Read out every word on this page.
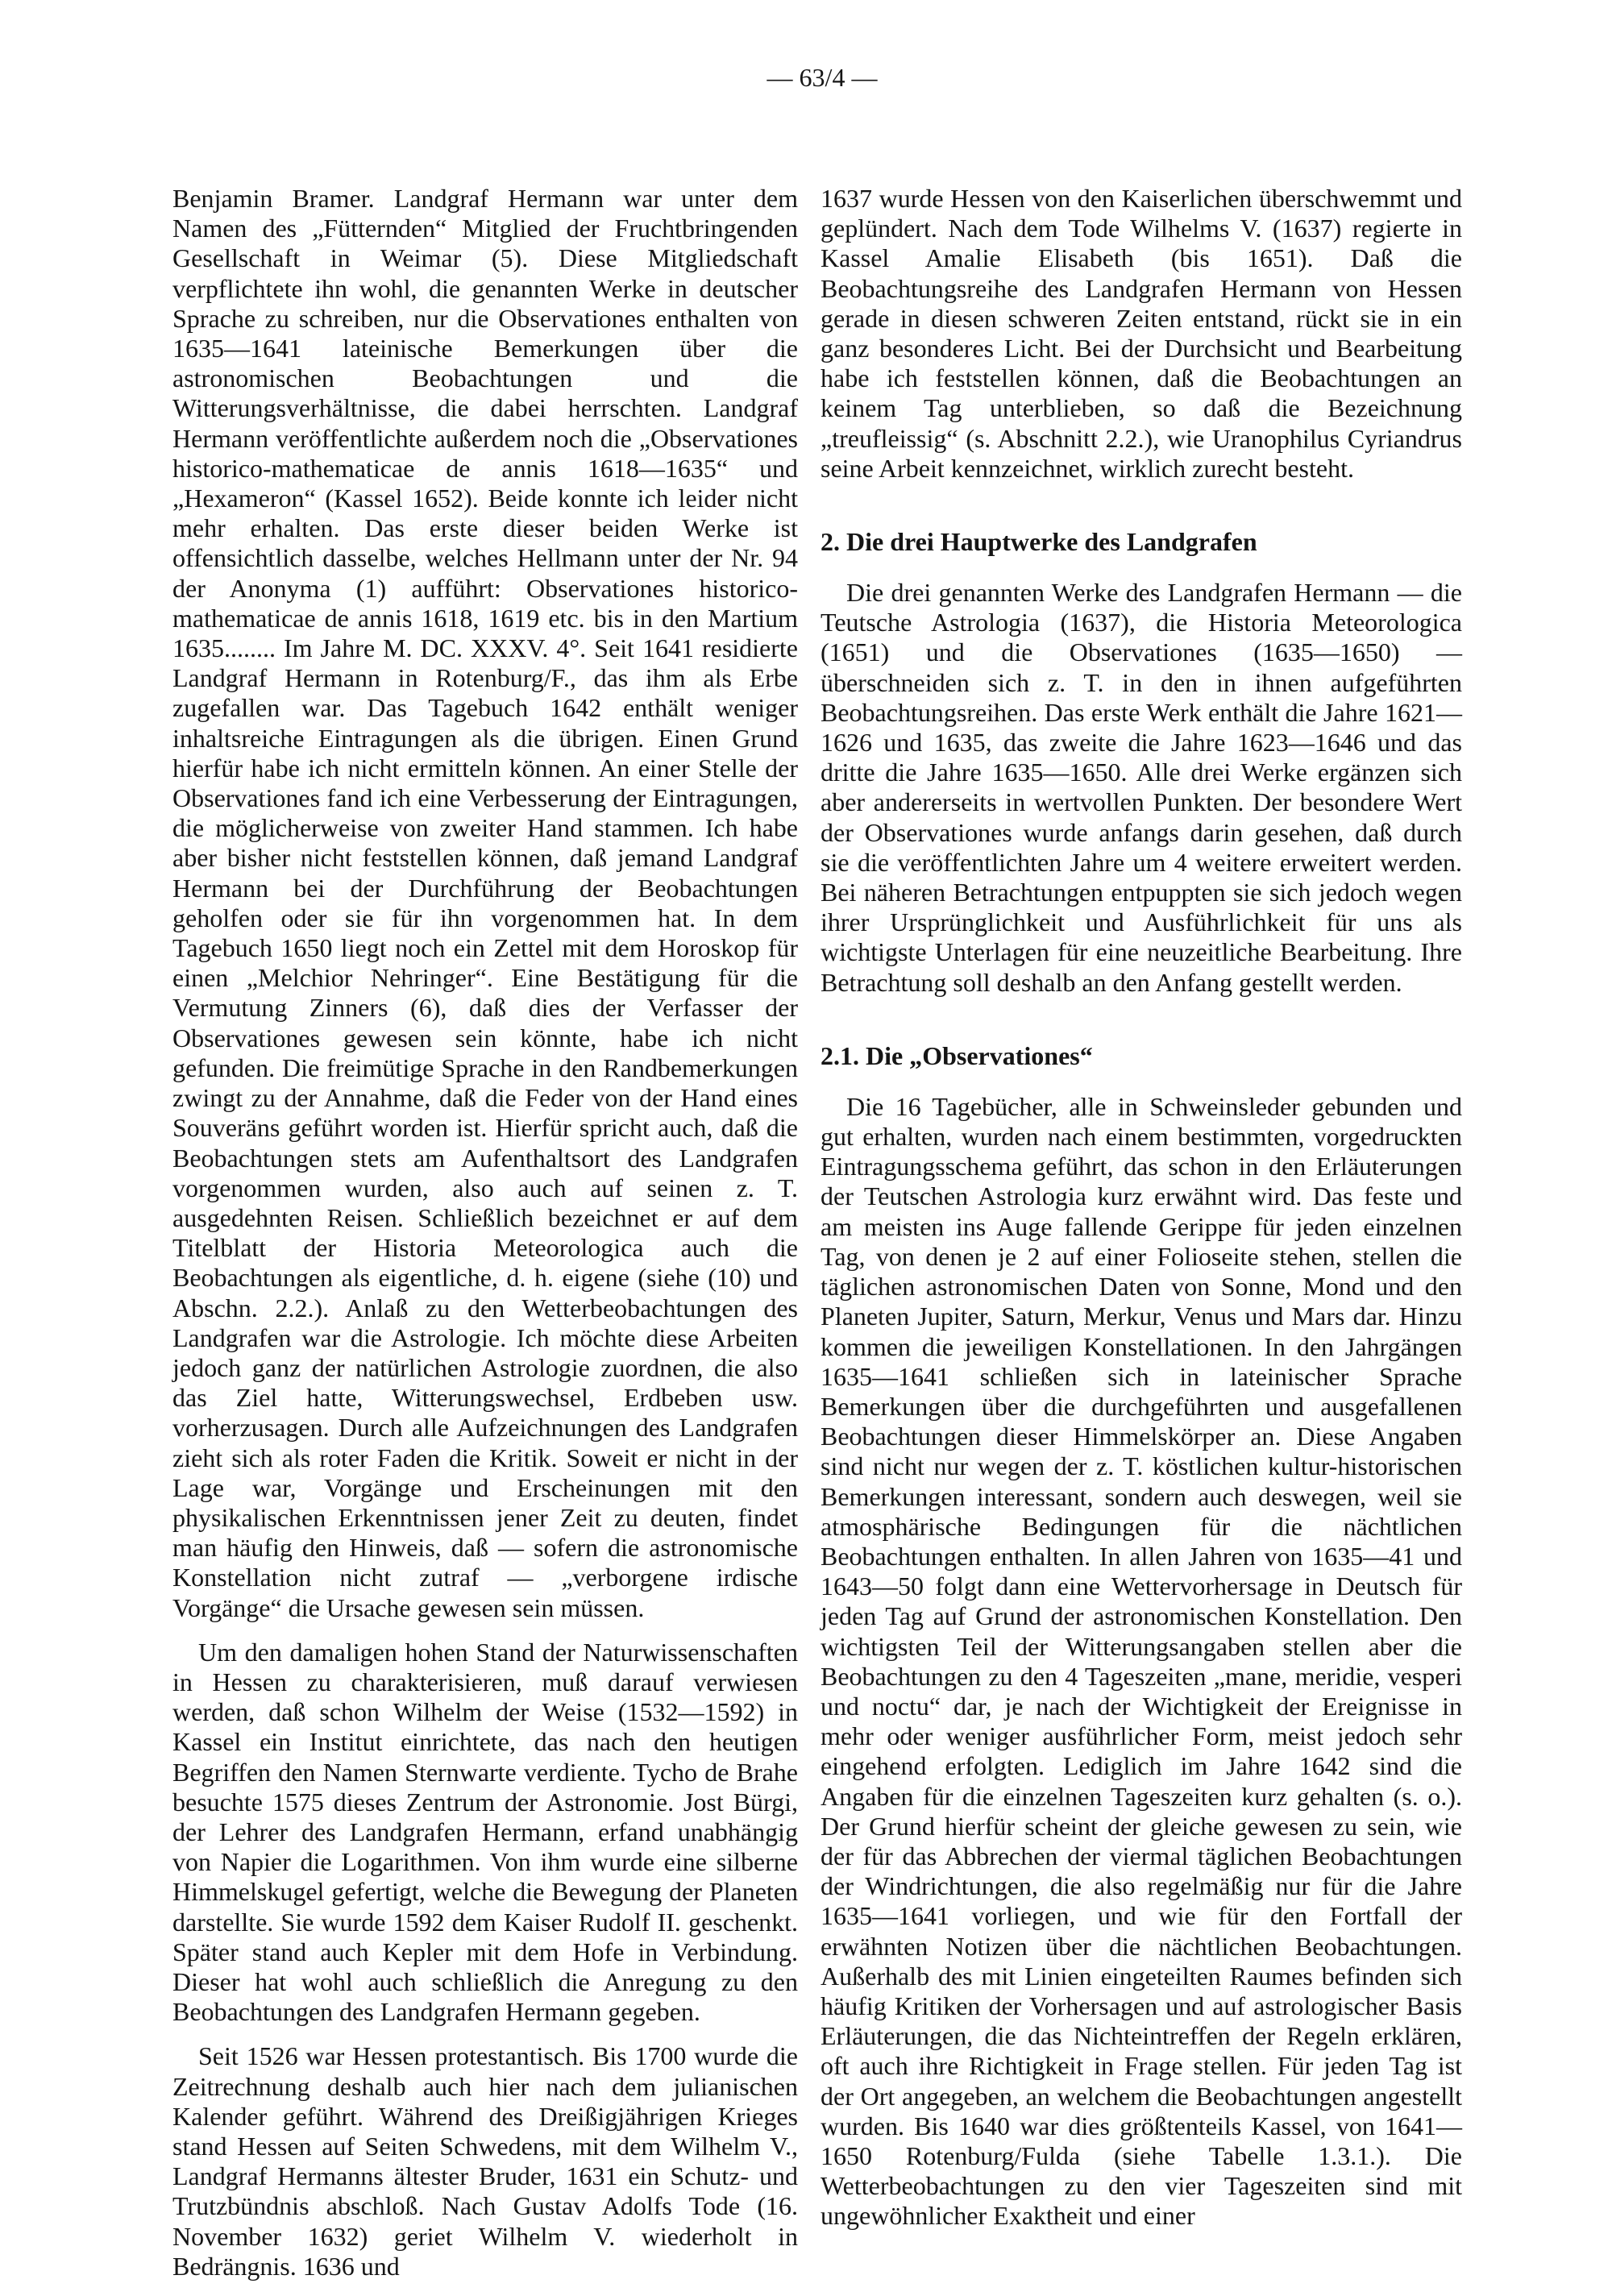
— 63/4 —

Benjamin Bramer. Landgraf Hermann war unter dem Namen des „Fütternden“ Mitglied der Fruchtbringenden Gesellschaft in Weimar (5). Diese Mitgliedschaft verpflichtete ihn wohl, die genannten Werke in deutscher Sprache zu schreiben, nur die Observationes enthalten von 1635—1641 lateinische Bemerkungen über die astronomischen Beobachtungen und die Witterungsverhältnisse, die dabei herrschten. Landgraf Hermann veröffentlichte außerdem noch die „Observationes historico-mathematicae de annis 1618—1635“ und „Hexameron“ (Kassel 1652). Beide konnte ich leider nicht mehr erhalten. Das erste dieser beiden Werke ist offensichtlich dasselbe, welches Hellmann unter der Nr. 94 der Anonyma (1) aufführt: Observationes historico-mathematicae de annis 1618, 1619 etc. bis in den Martium 1635........ Im Jahre M. DC. XXXV. 4°. Seit 1641 residierte Landgraf Hermann in Rotenburg/F., das ihm als Erbe zugefallen war. Das Tagebuch 1642 enthält weniger inhaltsreiche Eintragungen als die übrigen. Einen Grund hierfür habe ich nicht ermitteln können. An einer Stelle der Observationes fand ich eine Verbesserung der Eintragungen, die möglicherweise von zweiter Hand stammen. Ich habe aber bisher nicht feststellen können, daß jemand Landgraf Hermann bei der Durchführung der Beobachtungen geholfen oder sie für ihn vorgenommen hat. In dem Tagebuch 1650 liegt noch ein Zettel mit dem Horoskop für einen „Melchior Nehringer“. Eine Bestätigung für die Vermutung Zinners (6), daß dies der Verfasser der Observationes gewesen sein könnte, habe ich nicht gefunden. Die freimütige Sprache in den Randbemerkungen zwingt zu der Annahme, daß die Feder von der Hand eines Souveräns geführt worden ist. Hierfür spricht auch, daß die Beobachtungen stets am Aufenthaltsort des Landgrafen vorgenommen wurden, also auch auf seinen z. T. ausgedehnten Reisen. Schließlich bezeichnet er auf dem Titelblatt der Historia Meteorologica auch die Beobachtungen als eigentliche, d. h. eigene (siehe (10) und Abschn. 2.2.). Anlaß zu den Wetterbeobachtungen des Landgrafen war die Astrologie. Ich möchte diese Arbeiten jedoch ganz der natürlichen Astrologie zuordnen, die also das Ziel hatte, Witterungswechsel, Erdbeben usw. vorherzusagen. Durch alle Aufzeichnungen des Landgrafen zieht sich als roter Faden die Kritik. Soweit er nicht in der Lage war, Vorgänge und Erscheinungen mit den physikalischen Erkenntnissen jener Zeit zu deuten, findet man häufig den Hinweis, daß — sofern die astronomische Konstellation nicht zutraf — „verborgene irdische Vorgänge“ die Ursache gewesen sein müssen.

Um den damaligen hohen Stand der Naturwissenschaften in Hessen zu charakterisieren, muß darauf verwiesen werden, daß schon Wilhelm der Weise (1532—1592) in Kassel ein Institut einrichtete, das nach den heutigen Begriffen den Namen Sternwarte verdiente. Tycho de Brahe besuchte 1575 dieses Zentrum der Astronomie. Jost Bürgi, der Lehrer des Landgrafen Hermann, erfand unabhängig von Napier die Logarithmen. Von ihm wurde eine silberne Himmelskugel gefertigt, welche die Bewegung der Planeten darstellte. Sie wurde 1592 dem Kaiser Rudolf II. geschenkt. Später stand auch Kepler mit dem Hofe in Verbindung. Dieser hat wohl auch schließlich die Anregung zu den Beobachtungen des Landgrafen Hermann gegeben.

Seit 1526 war Hessen protestantisch. Bis 1700 wurde die Zeitrechnung deshalb auch hier nach dem julianischen Kalender geführt. Während des Dreißigjährigen Krieges stand Hessen auf Seiten Schwedens, mit dem Wilhelm V., Landgraf Hermanns ältester Bruder, 1631 ein Schutz- und Trutzbündnis abschloß. Nach Gustav Adolfs Tode (16. November 1632) geriet Wilhelm V. wiederholt in Bedrängnis. 1636 und

1637 wurde Hessen von den Kaiserlichen überschwemmt und geplündert. Nach dem Tode Wilhelms V. (1637) regierte in Kassel Amalie Elisabeth (bis 1651). Daß die Beobachtungsreihe des Landgrafen Hermann von Hessen gerade in diesen schweren Zeiten entstand, rückt sie in ein ganz besonderes Licht. Bei der Durchsicht und Bearbeitung habe ich feststellen können, daß die Beobachtungen an keinem Tag unterblieben, so daß die Bezeichnung „treufleissig“ (s. Abschnitt 2.2.), wie Uranophilus Cyriandrus seine Arbeit kennzeichnet, wirklich zurecht besteht.

2. Die drei Hauptwerke des Landgrafen

Die drei genannten Werke des Landgrafen Hermann — die Teutsche Astrologia (1637), die Historia Meteorologica (1651) und die Observationes (1635—1650) — überschneiden sich z. T. in den in ihnen aufgeführten Beobachtungsreihen. Das erste Werk enthält die Jahre 1621—1626 und 1635, das zweite die Jahre 1623—1646 und das dritte die Jahre 1635—1650. Alle drei Werke ergänzen sich aber andererseits in wertvollen Punkten. Der besondere Wert der Observationes wurde anfangs darin gesehen, daß durch sie die veröffentlichten Jahre um 4 weitere erweitert werden. Bei näheren Betrachtungen entpuppten sie sich jedoch wegen ihrer Ursprünglichkeit und Ausführlichkeit für uns als wichtigste Unterlagen für eine neuzeitliche Bearbeitung. Ihre Betrachtung soll deshalb an den Anfang gestellt werden.

2.1. Die „Observationes“

Die 16 Tagebücher, alle in Schweinsleder gebunden und gut erhalten, wurden nach einem bestimmten, vorgedruckten Eintragungsschema geführt, das schon in den Erläuterungen der Teutschen Astrologia kurz erwähnt wird. Das feste und am meisten ins Auge fallende Gerippe für jeden einzelnen Tag, von denen je 2 auf einer Folioseite stehen, stellen die täglichen astronomischen Daten von Sonne, Mond und den Planeten Jupiter, Saturn, Merkur, Venus und Mars dar. Hinzu kommen die jeweiligen Konstellationen. In den Jahrgängen 1635—1641 schließen sich in lateinischer Sprache Bemerkungen über die durchgeführten und ausgefallenen Beobachtungen dieser Himmelskörper an. Diese Angaben sind nicht nur wegen der z. T. köstlichen kultur-historischen Bemerkungen interessant, sondern auch deswegen, weil sie atmosphärische Bedingungen für die nächtlichen Beobachtungen enthalten. In allen Jahren von 1635—41 und 1643—50 folgt dann eine Wettervorhersage in Deutsch für jeden Tag auf Grund der astronomischen Konstellation. Den wichtigsten Teil der Witterungsangaben stellen aber die Beobachtungen zu den 4 Tageszeiten „mane, meridie, vesperi und noctu“ dar, je nach der Wichtigkeit der Ereignisse in mehr oder weniger ausführlicher Form, meist jedoch sehr eingehend erfolgten. Lediglich im Jahre 1642 sind die Angaben für die einzelnen Tageszeiten kurz gehalten (s. o.). Der Grund hierfür scheint der gleiche gewesen zu sein, wie der für das Abbrechen der viermal täglichen Beobachtungen der Windrichtungen, die also regelmäßig nur für die Jahre 1635—1641 vorliegen, und wie für den Fortfall der erwähnten Notizen über die nächtlichen Beobachtungen. Außerhalb des mit Linien eingeteilten Raumes befinden sich häufig Kritiken der Vorhersagen und auf astrologischer Basis Erläuterungen, die das Nichteintreffen der Regeln erklären, oft auch ihre Richtigkeit in Frage stellen. Für jeden Tag ist der Ort angegeben, an welchem die Beobachtungen angestellt wurden. Bis 1640 war dies größtenteils Kassel, von 1641—1650 Rotenburg/Fulda (siehe Tabelle 1.3.1.). Die Wetterbeobachtungen zu den vier Tageszeiten sind mit ungewöhnlicher Exaktheit und einer
